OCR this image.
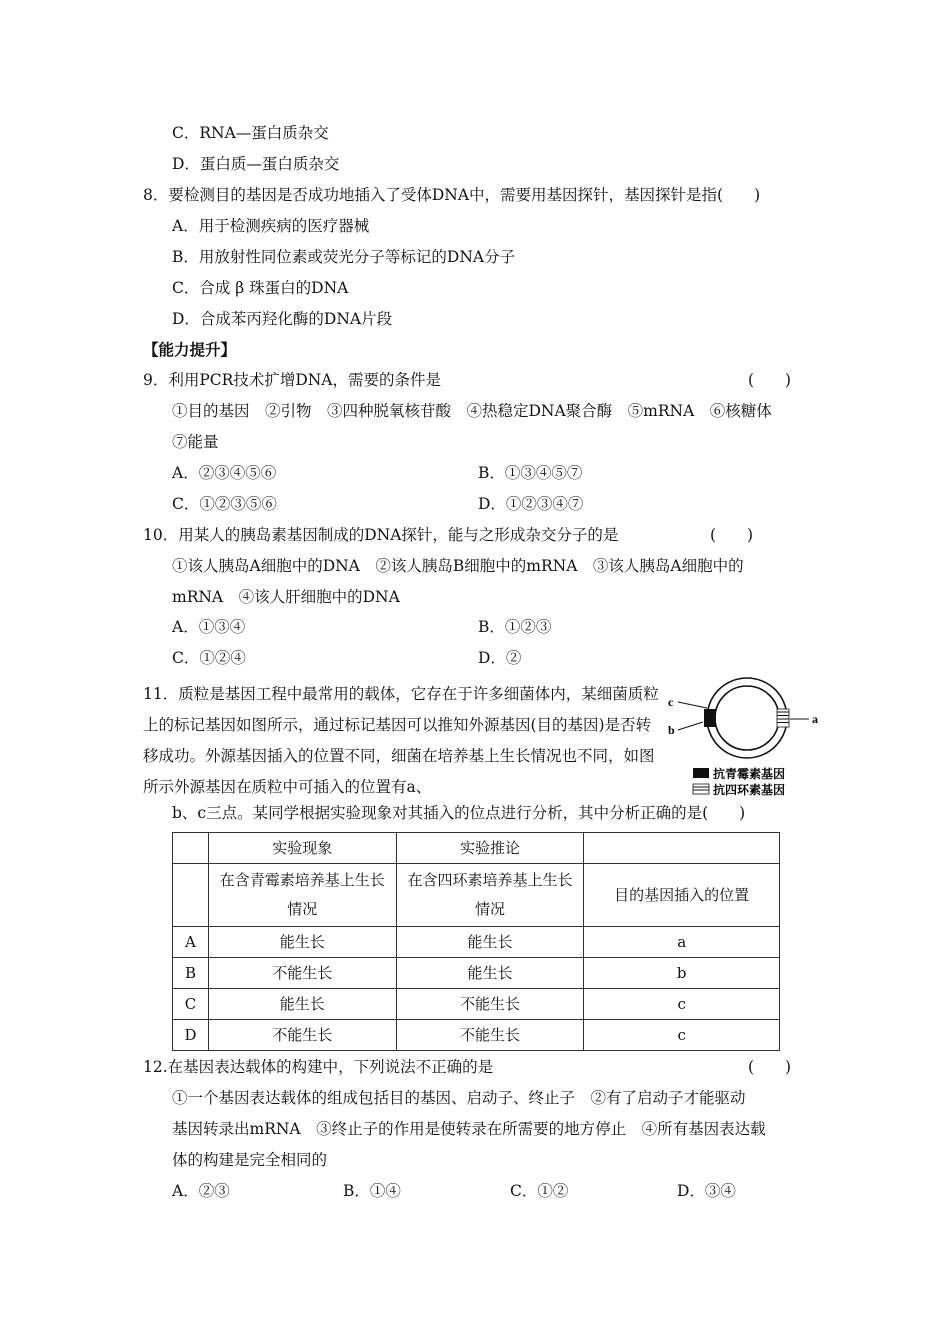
C．RNA—蛋白质杂交
D．蛋白质—蛋白质杂交
8．要检测目的基因是否成功地插入了受体DNA中，需要用基因探针，基因探针是指(　　)
A．用于检测疾病的医疗器械
B．用放射性同位素或荧光分子等标记的DNA分子
C．合成 β 珠蛋白的DNA
D．合成苯丙羟化酶的DNA片段
【能力提升】
9．利用PCR技术扩增DNA，需要的条件是	(　　)
①目的基因　②引物　③四种脱氧核苷酸　④热稳定DNA聚合酶　⑤mRNA　⑥核糖体
⑦能量
A．②③④⑤⑥	B．①③④⑤⑦
C．①②③⑤⑥	D．①②③④⑦
10．用某人的胰岛素基因制成的DNA探针，能与之形成杂交分子的是	(　　)
①该人胰岛A细胞中的DNA　②该人胰岛B细胞中的mRNA　③该人胰岛A细胞中的
mRNA　④该人肝细胞中的DNA
A．①③④	B．①②③
C．①②④	D．②
11．质粒是基因工程中最常用的载体，它存在于许多细菌体内，某细菌质粒上的标记基因如图所示，通过标记基因可以推知外源基因(目的基因)是否转移成功。外源基因插入的位置不同，细菌在培养基上生长情况也不同，如图所示外源基因在质粒中可插入的位置有a、
b、c三点。某同学根据实验现象对其插入的位点进行分析，其中分析正确的是(　　)
c
b
a
抗青霉素基因
抗四环素基因
	实验现象	实验推论	
	在含青霉素培养基上生长情况	在含四环素培养基上生长情况	目的基因插入的位置
A	能生长	能生长	a
B	不能生长	能生长	b
C	能生长	不能生长	c
D	不能生长	不能生长	c
12.在基因表达载体的构建中，下列说法不正确的是	(　　)
①一个基因表达载体的组成包括目的基因、启动子、终止子　②有了启动子才能驱动
基因转录出mRNA　③终止子的作用是使转录在所需要的地方停止　④所有基因表达载
体的构建是完全相同的
A．②③	B．①④	C．①②	D．③④
